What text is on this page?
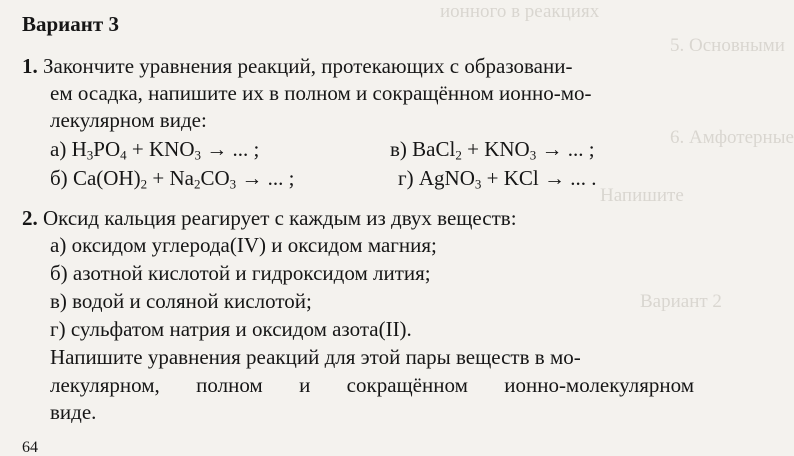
ионного в реакциях
5. Основными
6. Амфотерные
Напишите
Вариант 2
Вариант 3
1. Закончите уравнения реакций, протекающих с образовани-
ем осадка, напишите их в полном и сокращённом ионно-мо-
лекулярном виде:
а) $H_3PO_4 + KNO_3$ → ... ;	в) BaCl$_2$ + $KNO_3$ → ... ;
б) $Ca(OH)_2 + Na_2CO_3$ → ... ;	г) AgNO$_3$ + KCl → ... .
2. Оксид кальция реагирует с каждым из двух веществ:
а) оксидом углерода(IV) и оксидом магния;
б) азотной кислотой и гидроксидом лития;
в) водой и соляной кислотой;
г) сульфатом натрия и оксидом азота(II).
Напишите уравнения реакций для этой пары веществ в мо-
лекулярном, полном и сокращённом ионно-молекулярном
виде.
64
